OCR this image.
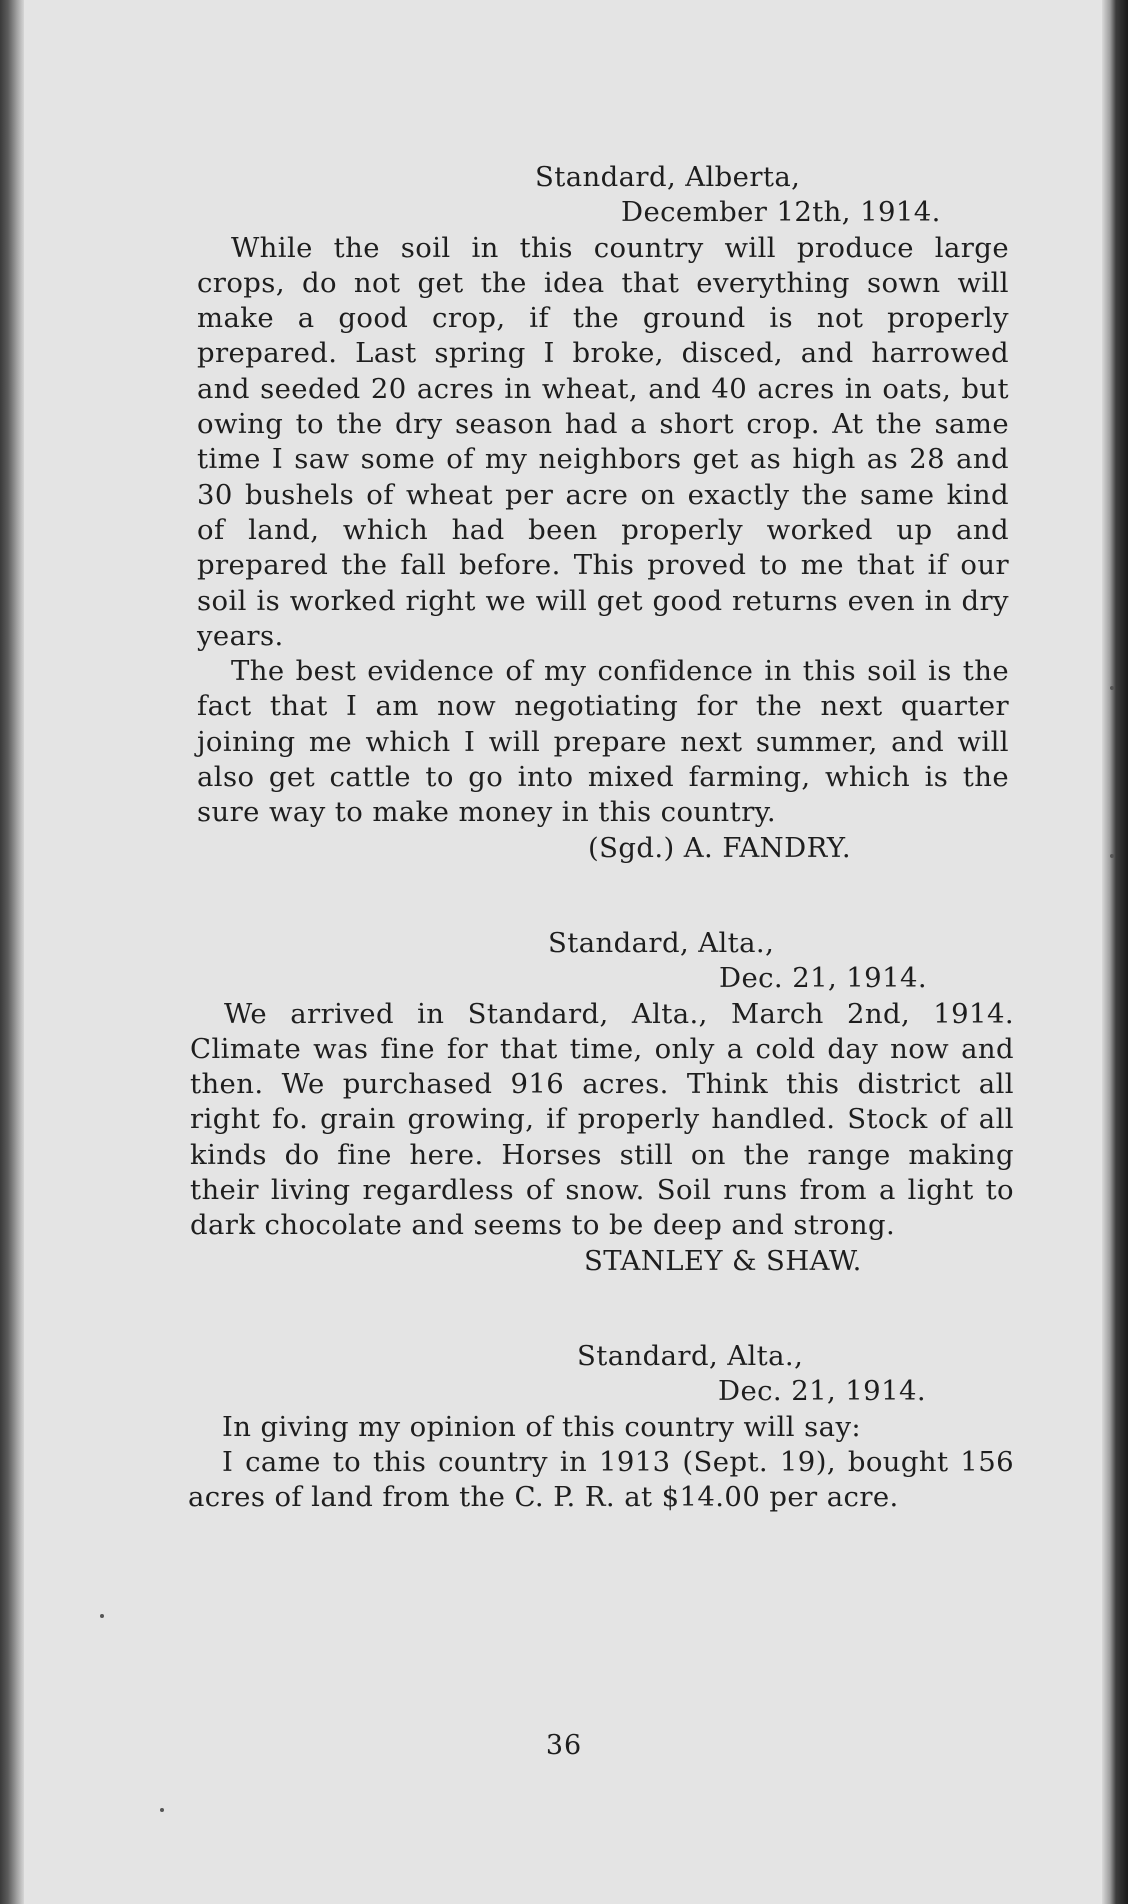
Standard, Alberta,
December 12th, 1914.

While the soil in this country will produce large crops, do not get the idea that everything sown will make a good crop, if the ground is not properly prepared. Last spring I broke, disced, and harrowed and seeded 20 acres in wheat, and 40 acres in oats, but owing to the dry season had a short crop. At the same time I saw some of my neighbors get as high as 28 and 30 bushels of wheat per acre on exactly the same kind of land, which had been properly worked up and prepared the fall before. This proved to me that if our soil is worked right we will get good returns even in dry years.

The best evidence of my confidence in this soil is the fact that I am now negotiating for the next quarter joining me which I will prepare next summer, and will also get cattle to go into mixed farming, which is the sure way to make money in this country.

(Sgd.) A. FANDRY.
Standard, Alta.,
Dec. 21, 1914.

We arrived in Standard, Alta., March 2nd, 1914. Climate was fine for that time, only a cold day now and then. We purchased 916 acres. Think this district all right fo. grain growing, if properly handled. Stock of all kinds do fine here. Horses still on the range making their living regardless of snow. Soil runs from a light to dark chocolate and seems to be deep and strong.

STANLEY & SHAW.
Standard, Alta.,
Dec. 21, 1914.

In giving my opinion of this country will say:

I came to this country in 1913 (Sept. 19), bought 156 acres of land from the C. P. R. at $14.00 per acre.

36
